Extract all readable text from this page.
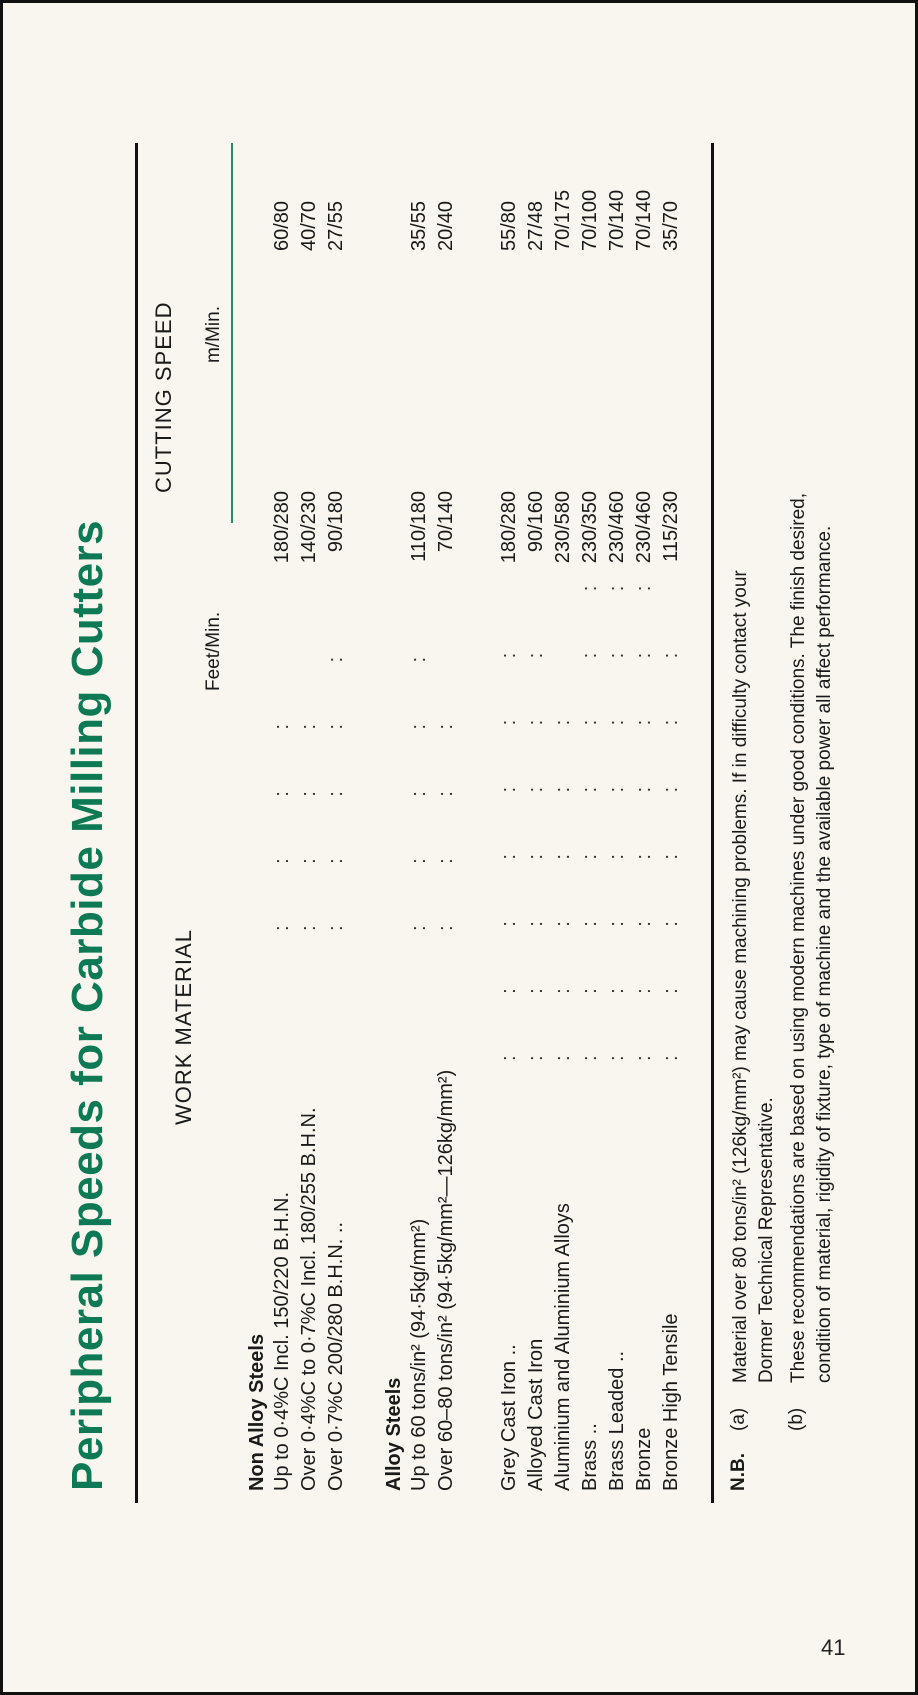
Peripheral Speeds for Carbide Milling Cutters	WORK MATERIAL
CUTTING SPEED
Feet/Min.
m/Min.
Non Alloy Steels Up to 0·4%C Incl. 150/220 B.H.N.
: : : :
180/280
60/80
Over 0·4%C to 0·7%C Incl. 180/255 B.H.N.
: : : :
140/230
40/70
Over 0·7%C 200/280 B.H.N. ..
: : : : :
90/180
27/55
Alloy Steels Up to 60 tons/in² (94·5kg/mm²)
: : : : :
110/180
35/55
Over 60–80 tons/in² (94·5kg/mm²—126kg/mm²)
: : : :
70/140
20/40
Grey Cast Iron ..
: : : : : : :
180/280
55/80
Alloyed Cast Iron
: : : : : : :
90/160
27/48
Aluminium and Aluminium Alloys
: : : : : :
230/580
70/175
Brass ..
: : : : : : : :
230/350
70/100
Brass Leaded ..
: : : : : : : :
230/460
70/140
Bronze
: : : : : : : :
230/460
70/140
Bronze High Tensile
: : : : : : :
115/230
35/70
N.B.
(a)
Material over 80 tons/in² (126kg/mm²) may cause machining problems. If in difficulty contact your Dormer Technical Representative.
(b)
These recommendations are based on using modern machines under good conditions. The finish desired, condition of material, rigidity of fixture, type of machine and the available power all affect performance.
41
